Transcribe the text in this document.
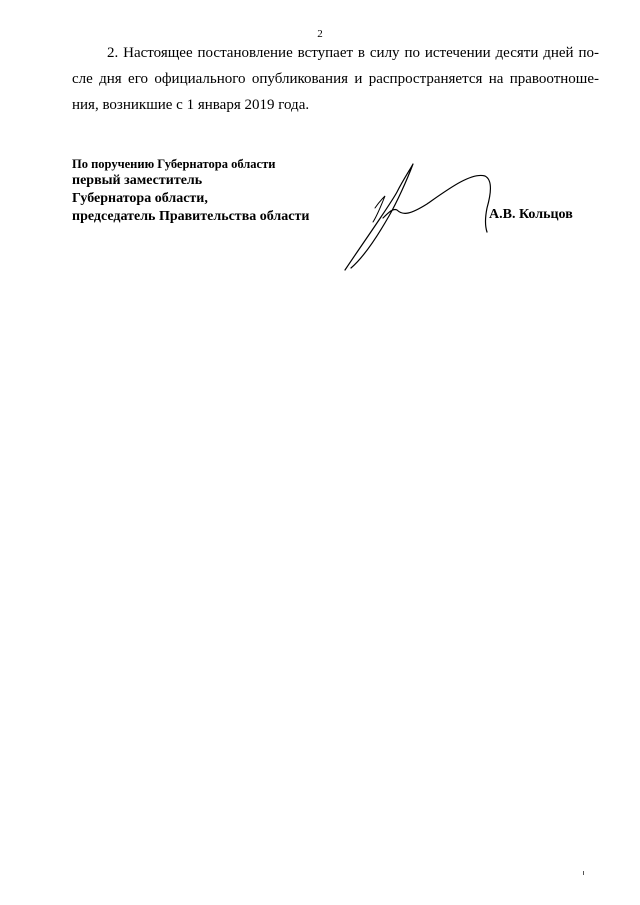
2
2. Настоящее постановление вступает в силу по истечении десяти дней по-
сле дня его официального опубликования и распространяется на правоотноше-
ния, возникшие с 1 января 2019 года.
По поручению Губернатора области
первый заместитель
Губернатора области,
председатель Правительства области	А.В. Кольцов
